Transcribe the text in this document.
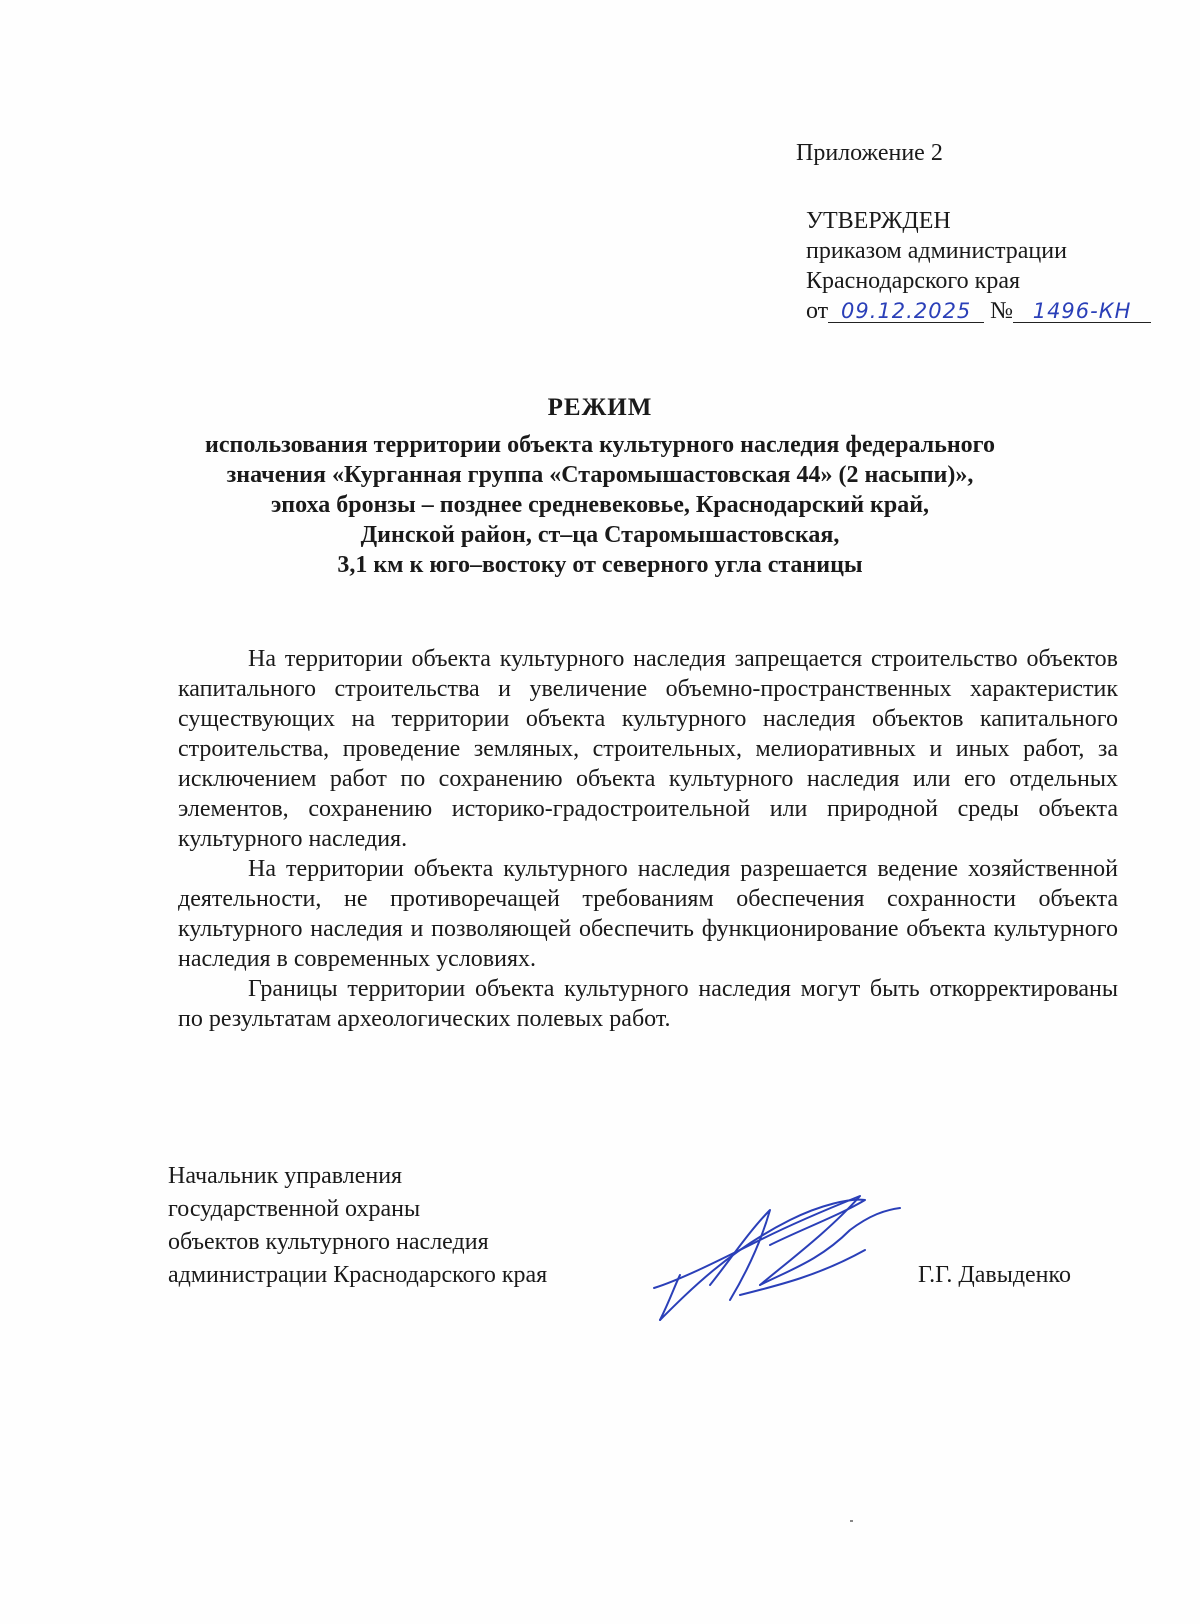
Приложение 2
УТВЕРЖДЕН
приказом администрации
Краснодарского края
от 09.12.2025 № 1496-КН
РЕЖИМ
использования территории объекта культурного наследия федерального
значения «Курганная группа «Старомышастовская 44» (2 насыпи)»,
эпоха бронзы – позднее средневековье, Краснодарский край,
Динской район, ст–ца Старомышастовская,
3,1 км к юго–востоку от северного угла станицы

На территории объекта культурного наследия запрещается строительство объектов капитального строительства и увеличение объемно-пространственных характеристик существующих на территории объекта культурного наследия объектов капитального строительства, проведение земляных, строительных, мелиоративных и иных работ, за исключением работ по сохранению объекта культурного наследия или его отдельных элементов, сохранению историко-градостроительной или природной среды объекта культурного наследия.

На территории объекта культурного наследия разрешается ведение хозяйственной деятельности, не противоречащей требованиям обеспечения сохранности объекта культурного наследия и позволяющей обеспечить функционирование объекта культурного наследия в современных условиях.

Границы территории объекта культурного наследия могут быть откорректированы по результатам археологических полевых работ.

Начальник управления
государственной охраны
объектов культурного наследия
администрации Краснодарского края	Г.Г. Давыденко
